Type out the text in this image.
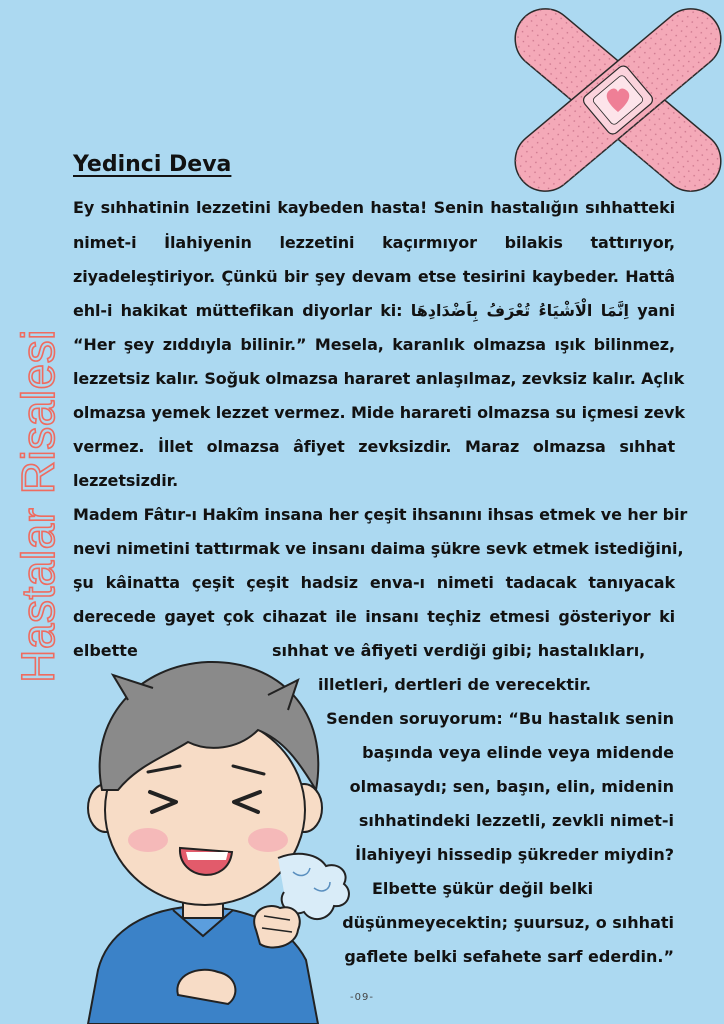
Hastalar Risalesi
Yedinci Deva
Ey sıhhatinin lezzetini kaybeden hasta! Senin hastalığın sıhhatteki
nimet-i İlahiyenin lezzetini kaçırmıyor bilakis tattırıyor,
ziyadeleştiriyor. Çünkü bir şey devam etse tesirini kaybeder. Hattâ
ehl-i hakikat müttefikan diyorlar ki: اِنَّمَا الْاَشْيَاءُ تُعْرَفُ بِاَضْدَادِهَا yani
“Her şey zıddıyla bilinir.” Mesela, karanlık olmazsa ışık bilinmez,
lezzetsiz kalır. Soğuk olmazsa hararet anlaşılmaz, zevksiz kalır. Açlık
olmazsa yemek lezzet vermez. Mide harareti olmazsa su içmesi zevk
vermez. İllet olmazsa âfiyet zevksizdir. Maraz olmazsa sıhhat
lezzetsizdir.
Madem Fâtır-ı Hakîm insana her çeşit ihsanını ihsas etmek ve her bir
nevi nimetini tattırmak ve insanı daima şükre sevk etmek istediğini,
şu kâinatta çeşit çeşit hadsiz enva-ı nimeti tadacak tanıyacak
derecede gayet çok cihazat ile insanı teçhiz etmesi gösteriyor ki
elbette	sıhhat ve âfiyeti verdiği gibi; hastalıkları,
illetleri, dertleri de verecektir.
Senden soruyorum: “Bu hastalık senin
başında veya elinde veya midende
olmasaydı; sen, başın, elin, midenin
sıhhatindeki lezzetli, zevkli nimet-i
İlahiyeyi hissedip şükreder miydin?
Elbette şükür değil belki
düşünmeyecektin; şuursuz, o sıhhati
gaflete belki sefahete sarf ederdin.”
-09-
